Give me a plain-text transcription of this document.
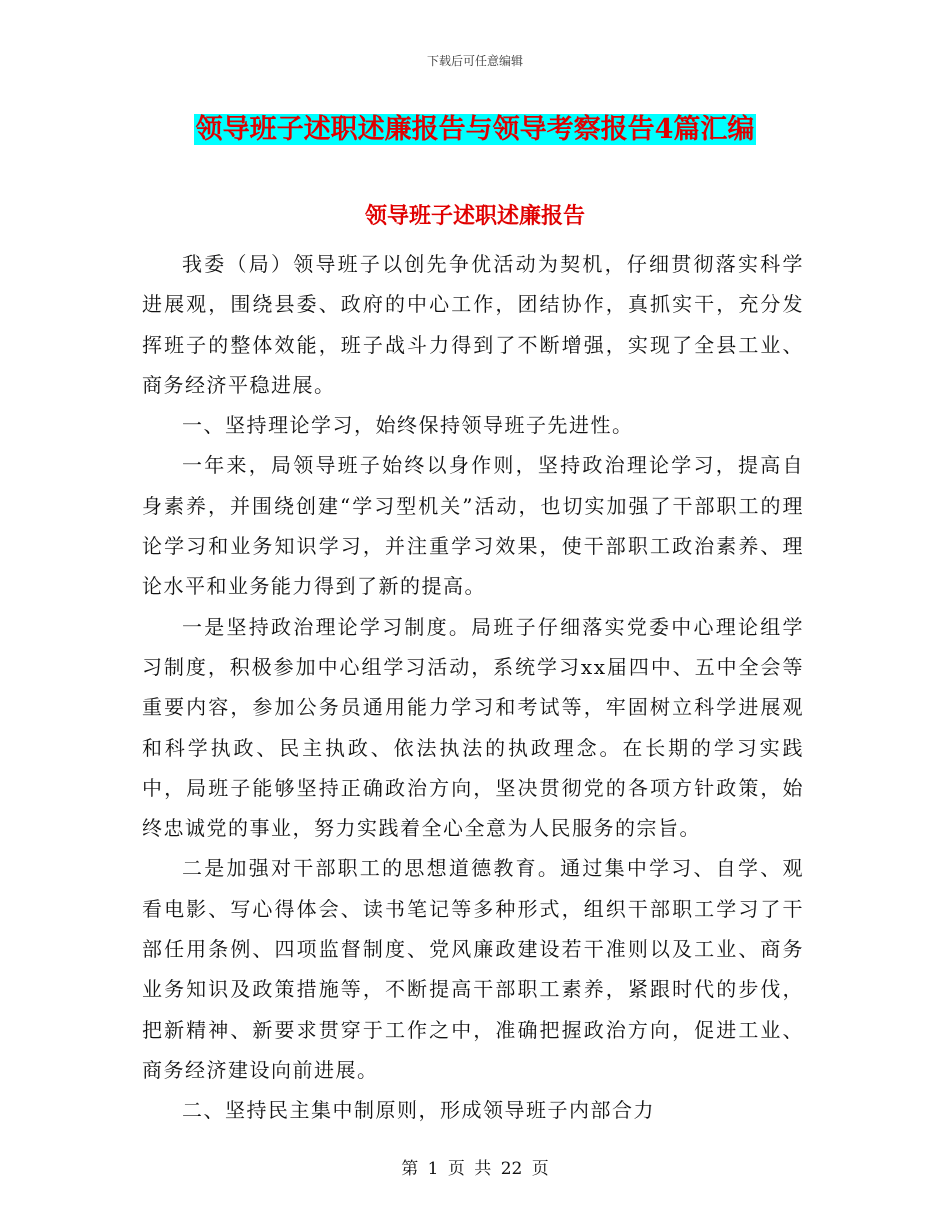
下载后可任意编辑
领导班子述职述廉报告与领导考察报告4篇汇编
领导班子述职述廉报告

我委（局）领导班子以创先争优活动为契机，仔细贯彻落实科学进展观，围绕县委、政府的中心工作，团结协作，真抓实干，充分发挥班子的整体效能，班子战斗力得到了不断增强，实现了全县工业、商务经济平稳进展。

一、坚持理论学习，始终保持领导班子先进性。

一年来，局领导班子始终以身作则，坚持政治理论学习，提高自身素养，并围绕创建“学习型机关”活动，也切实加强了干部职工的理论学习和业务知识学习，并注重学习效果，使干部职工政治素养、理论水平和业务能力得到了新的提高。

一是坚持政治理论学习制度。局班子仔细落实党委中心理论组学习制度，积极参加中心组学习活动，系统学习xx届四中、五中全会等重要内容，参加公务员通用能力学习和考试等，牢固树立科学进展观和科学执政、民主执政、依法执法的执政理念。在长期的学习实践中，局班子能够坚持正确政治方向，坚决贯彻党的各项方针政策，始终忠诚党的事业，努力实践着全心全意为人民服务的宗旨。

二是加强对干部职工的思想道德教育。通过集中学习、自学、观看电影、写心得体会、读书笔记等多种形式，组织干部职工学习了干部任用条例、四项监督制度、党风廉政建设若干准则以及工业、商务业务知识及政策措施等，不断提高干部职工素养，紧跟时代的步伐，把新精神、新要求贯穿于工作之中，准确把握政治方向，促进工业、商务经济建设向前进展。

二、坚持民主集中制原则，形成领导班子内部合力

第 1 页 共 22 页
